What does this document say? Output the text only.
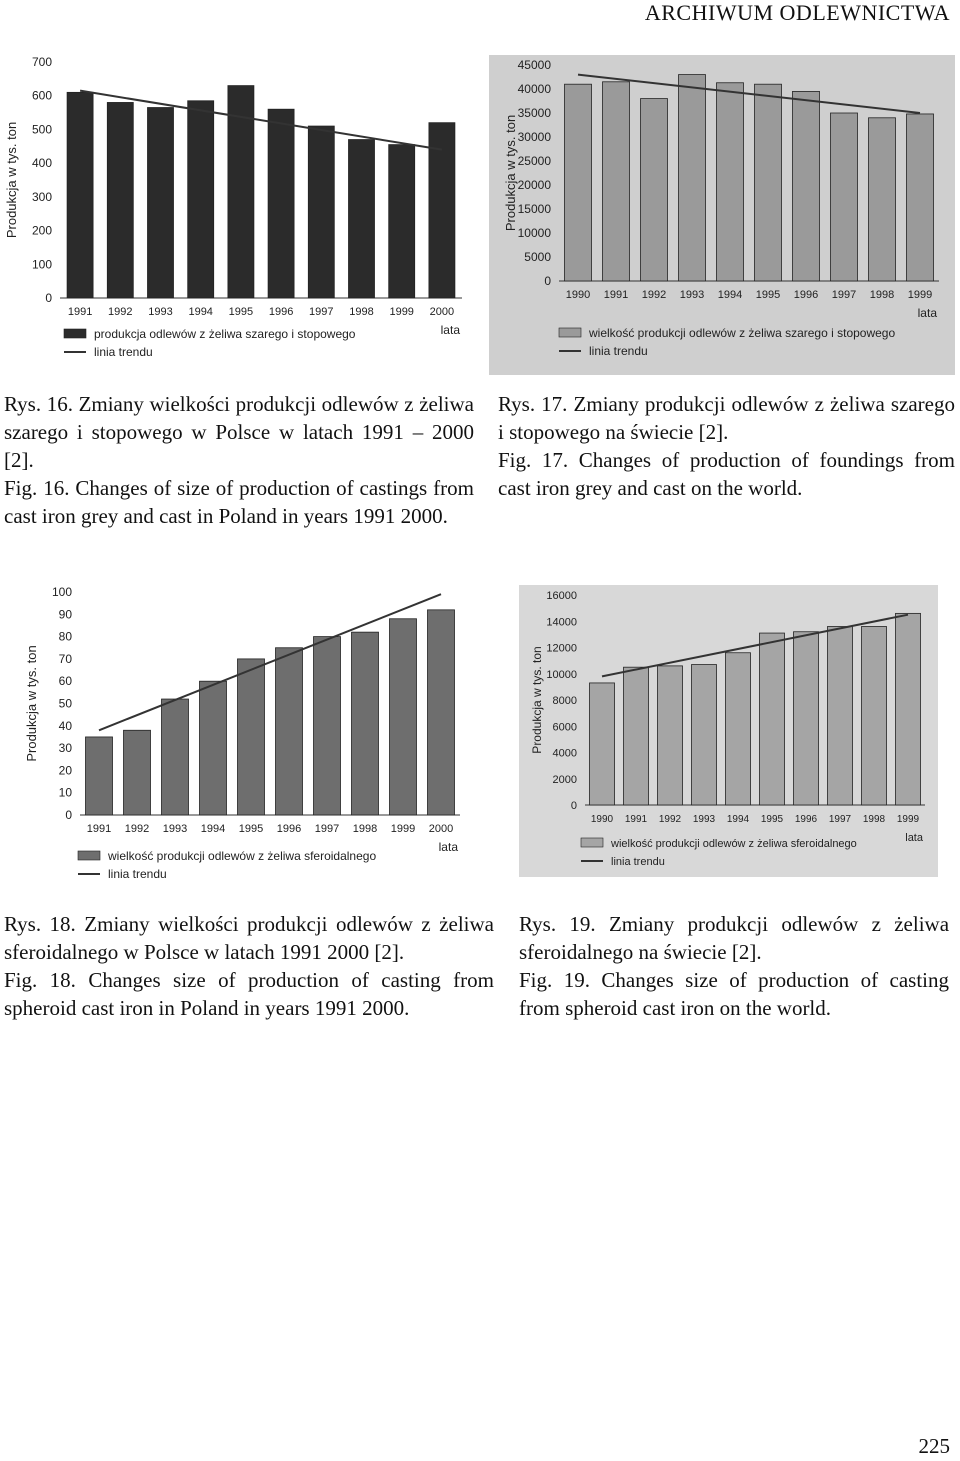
ARCHIWUM ODLEWNICTWA
0
100
200
300
400
500
600
700
Produkcja w tys. ton
1991 1992 1993 1994 1995 1996 1997 1998 1999 2000
lata
produkcja odlewów z żeliwa szarego i stopowego
linia trendu
Rys. 16. Zmiany wielkości produkcji odlewów z żeliwa szarego i stopowego w Polsce w latach 1991 – 2000 [2].
Fig. 16. Changes of size of production of castings from cast iron grey and cast in Poland in years 1991 2000.
0
5000
10000
15000
20000
25000
30000
35000
40000
45000
Produkcja w tys. ton
1990 1991 1992 1993 1994 1995 1996 1997 1998 1999
lata
wielkość produkcji odlewów z żeliwa szarego i stopowego
linia trendu
Rys. 17. Zmiany produkcji odlewów z żeliwa szarego i stopowego na świecie [2].
Fig. 17. Changes of production of foundings from cast iron grey and cast on the world.
0
10
20
30
40
50
60
70
80
90
100
Produkcja w tys. ton
1991 1992 1993 1994 1995 1996 1997 1998 1999 2000
lata
wielkość produkcji odlewów z żeliwa sferoidalnego
linia trendu
Rys. 18. Zmiany wielkości produkcji odlewów z żeliwa sferoidalnego w Polsce w latach 1991 2000 [2].
Fig. 18. Changes size of production of casting from spheroid cast iron in Poland in years 1991 2000.
0
2000
4000
6000
8000
10000
12000
14000
16000
Produkcja w tys. ton
1990 1991 1992 1993 1994 1995 1996 1997 1998 1999
lata
wielkość produkcji odlewów z żeliwa sferoidalnego
linia trendu
Rys. 19. Zmiany produkcji odlewów z żeliwa sferoidalnego na świecie [2].
Fig. 19. Changes size of production of casting from spheroid cast iron on the world.
225
